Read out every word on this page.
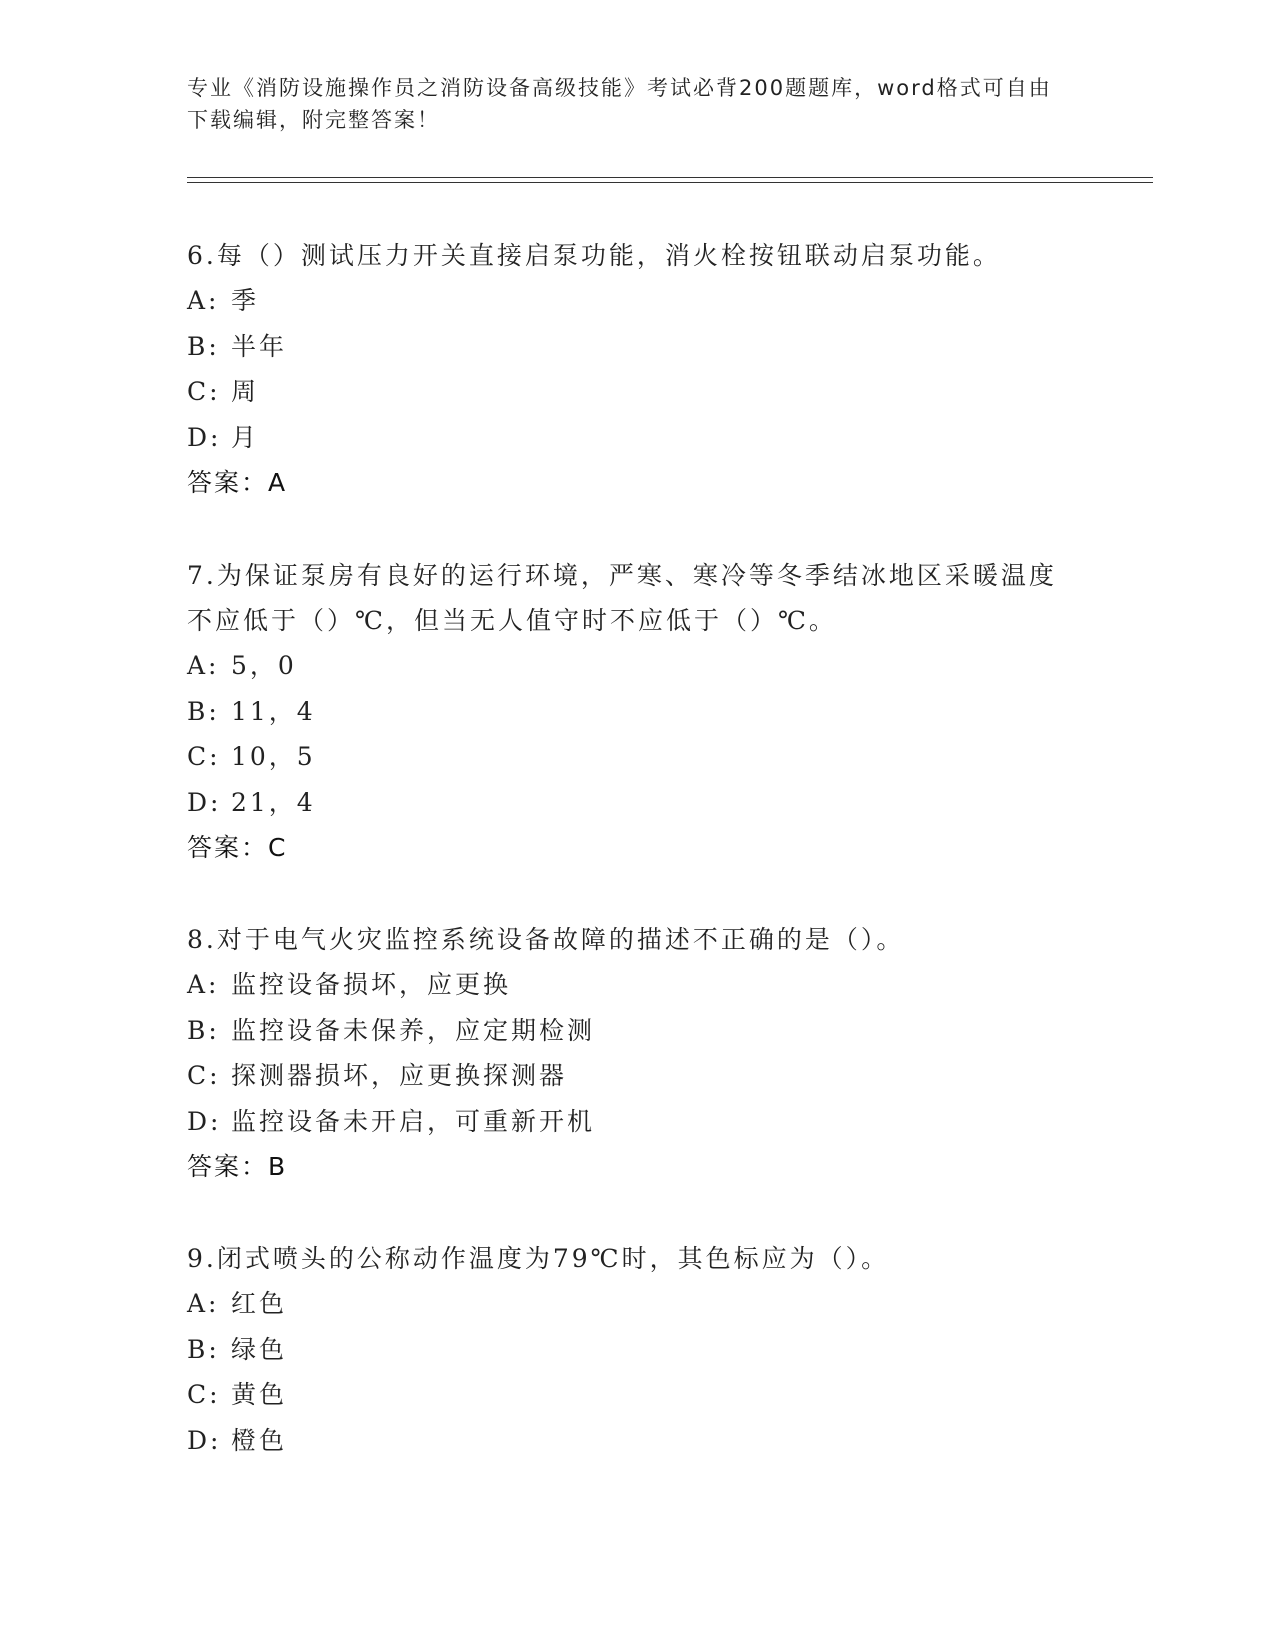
专业《消防设施操作员之消防设备高级技能》考试必背200题题库，word格式可自由下载编辑，附完整答案！

6.每（）测试压力开关直接启泵功能，消火栓按钮联动启泵功能。

A: 季
B: 半年
C: 周
D: 月
答案：A

7.为保证泵房有良好的运行环境，严寒、寒冷等冬季结冰地区采暖温度不应低于（）℃，但当无人值守时不应低于（）℃。

A: 5，0
B: 11，4
C: 10，5
D: 21，4
答案：C

8.对于电气火灾监控系统设备故障的描述不正确的是（）。

A: 监控设备损坏，应更换
B: 监控设备未保养，应定期检测
C: 探测器损坏，应更换探测器
D: 监控设备未开启，可重新开机
答案：B

9.闭式喷头的公称动作温度为79℃时，其色标应为（）。

A: 红色
B: 绿色
C: 黄色
D: 橙色
